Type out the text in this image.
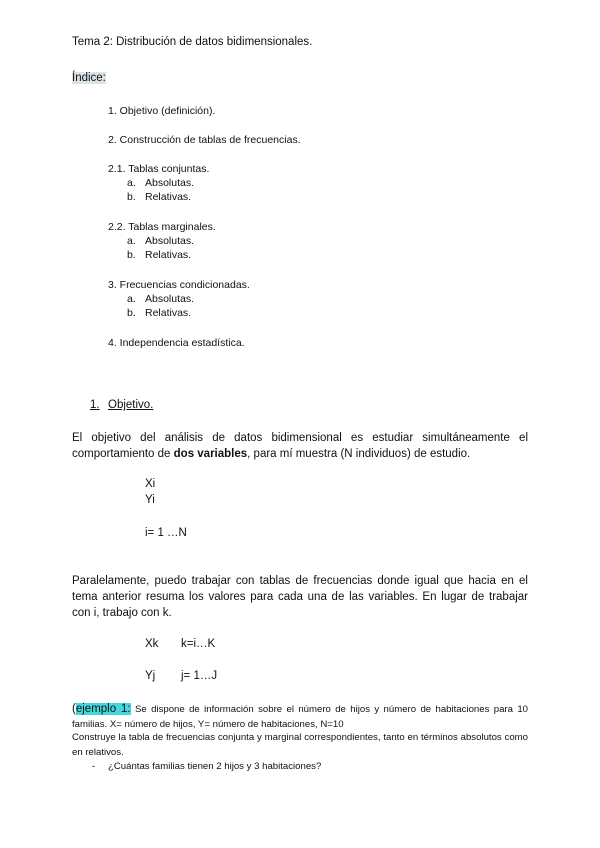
Tema 2: Distribución de datos bidimensionales.
Índice:
1. Objetivo (definición).
2. Construcción de tablas de frecuencias.
2.1. Tablas conjuntas.
a. Absolutas.
b. Relativas.
2.2. Tablas marginales.
a. Absolutas.
b. Relativas.
3. Frecuencias condicionadas.
a. Absolutas.
b. Relativas.
4. Independencia estadística.
1. Objetivo.
El objetivo del análisis de datos bidimensional es estudiar simultáneamente el comportamiento de dos variables, para mí muestra (N individuos) de estudio.
Xi
Yi
i= 1 …N
Paralelamente, puedo trabajar con tablas de frecuencias donde igual que hacia en el tema anterior resuma los valores para cada una de las variables. En lugar de trabajar con i, trabajo con k.
Xk k=i…K
Yj j= 1…J
(ejemplo 1: Se dispone de información sobre el número de hijos y número de habitaciones para 10 familias. X= número de hijos, Y= número de habitaciones, N=10
Construye la tabla de frecuencias conjunta y marginal correspondientes, tanto en términos absolutos como en relativos.
- ¿Cuántas familias tienen 2 hijos y 3 habitaciones?
